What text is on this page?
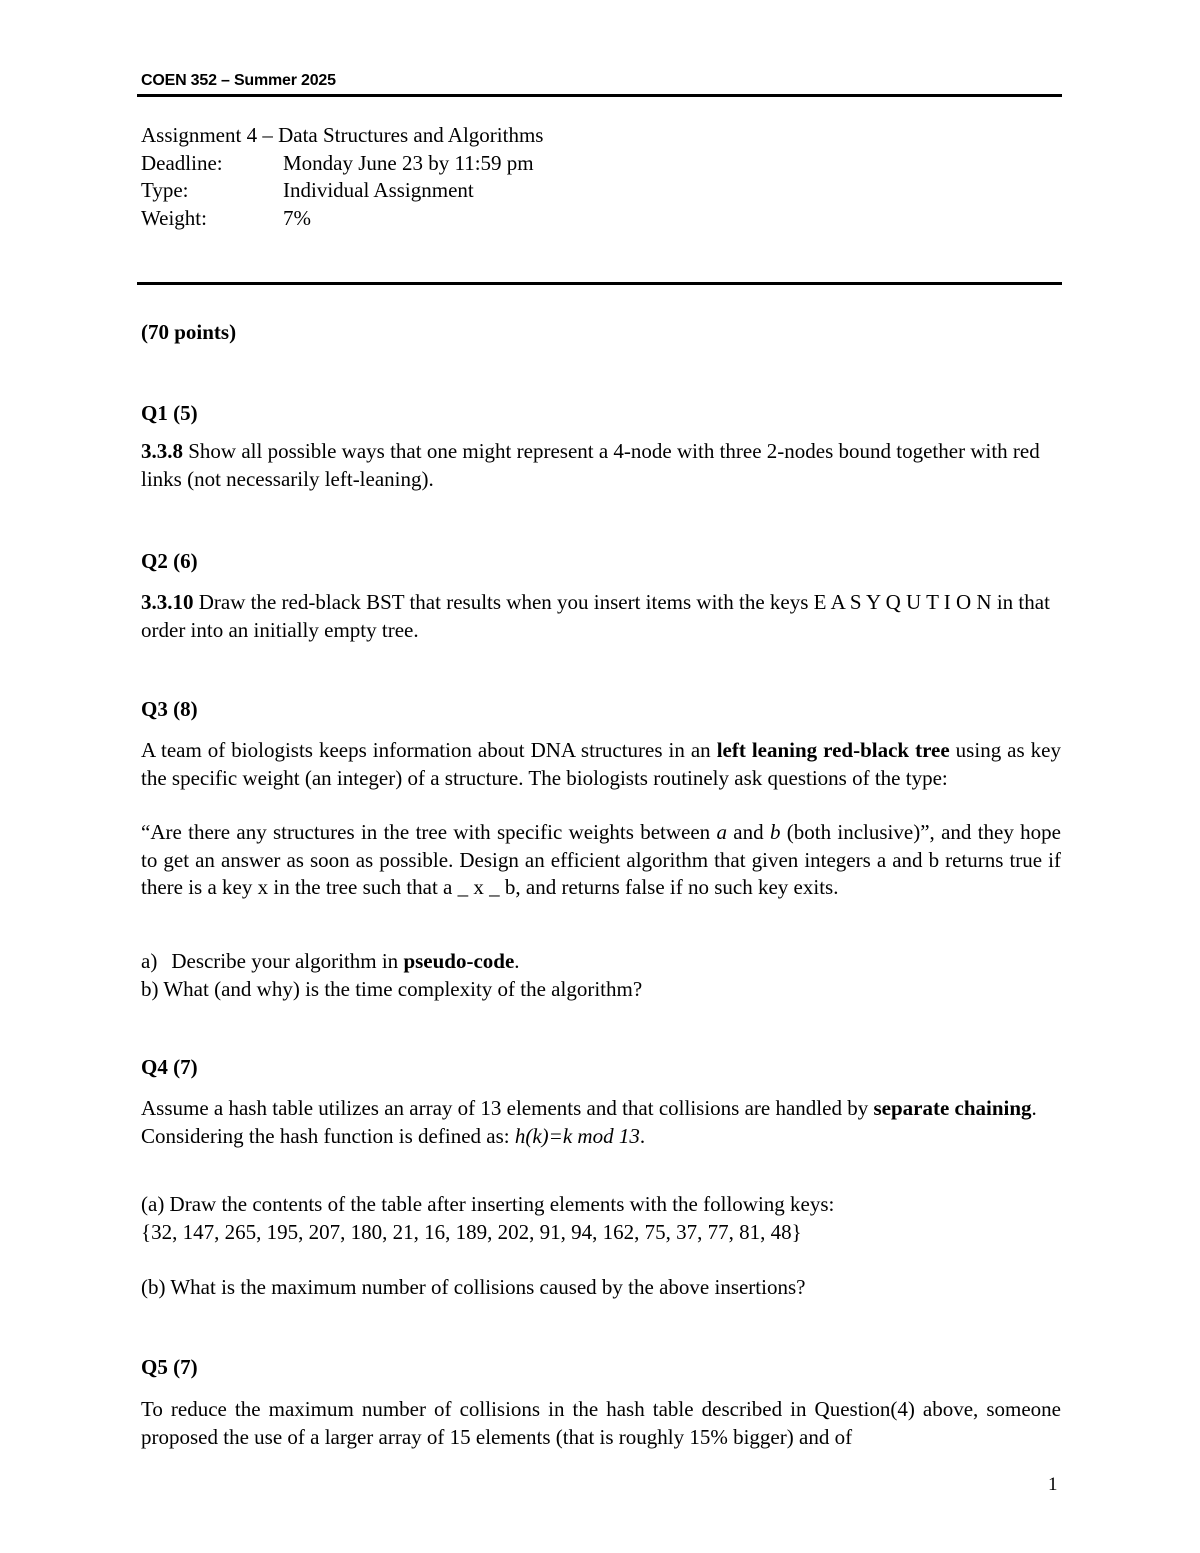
COEN 352 – Summer 2025
Assignment 4 – Data Structures and Algorithms
Deadline:	Monday June 23 by 11:59 pm
Type:	Individual Assignment
Weight:	7%
(70 points)
Q1 (5)
3.3.8 Show all possible ways that one might represent a 4-node with three 2-nodes bound together with red links (not necessarily left-leaning).
Q2 (6)
3.3.10 Draw the red-black BST that results when you insert items with the keys E A S Y Q U T I O N in that order into an initially empty tree.
Q3 (8)
A team of biologists keeps information about DNA structures in an left leaning red-black tree using as key the specific weight (an integer) of a structure. The biologists routinely ask questions of the type:
“Are there any structures in the tree with specific weights between a and b (both inclusive)”, and they hope to get an answer as soon as possible. Design an efficient algorithm that given integers a and b returns true if there is a key x in the tree such that a _ x _ b, and returns false if no such key exits.
a) Describe your algorithm in pseudo-code.
b) What (and why) is the time complexity of the algorithm?
Q4 (7)
Assume a hash table utilizes an array of 13 elements and that collisions are handled by separate chaining. Considering the hash function is defined as: h(k)=k mod 13.
(a) Draw the contents of the table after inserting elements with the following keys:
{32, 147, 265, 195, 207, 180, 21, 16, 189, 202, 91, 94, 162, 75, 37, 77, 81, 48}
(b) What is the maximum number of collisions caused by the above insertions?
Q5 (7)
To reduce the maximum number of collisions in the hash table described in Question(4) above, someone proposed the use of a larger array of 15 elements (that is roughly 15% bigger) and of
1
